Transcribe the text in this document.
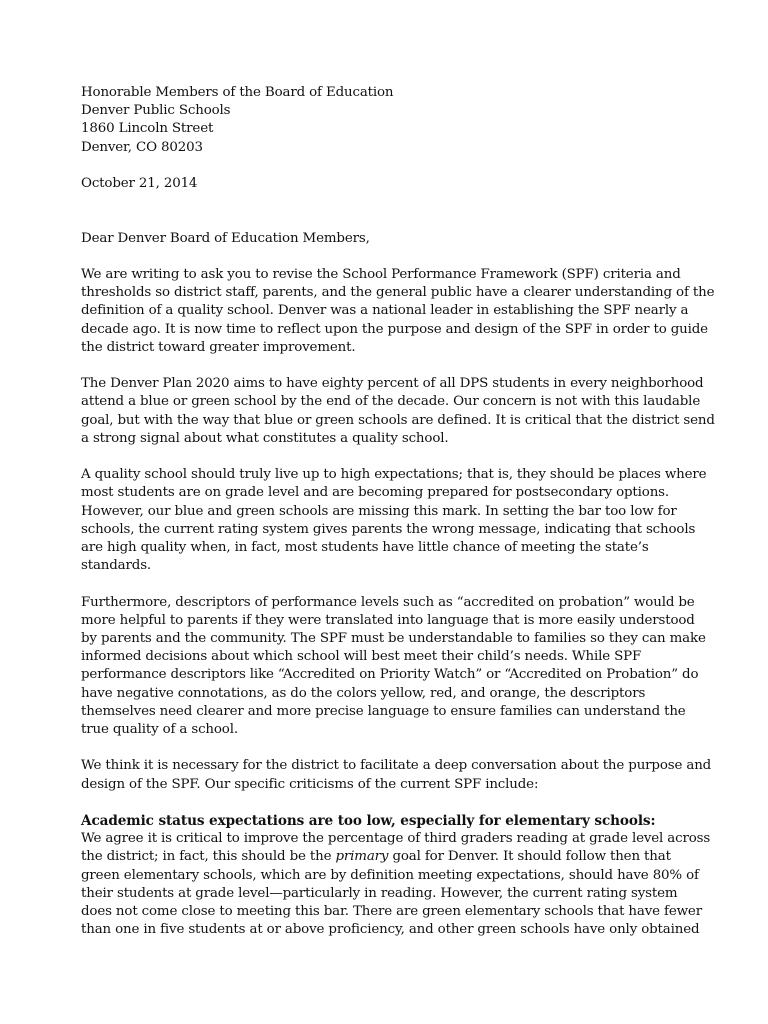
Honorable Members of the Board of Education
Denver Public Schools
1860 Lincoln Street
Denver, CO 80203
October 21, 2014
Dear Denver Board of Education Members,
We are writing to ask you to revise the School Performance Framework (SPF) criteria and
thresholds so district staff, parents, and the general public have a clearer understanding of the
definition of a quality school. Denver was a national leader in establishing the SPF nearly a
decade ago. It is now time to reflect upon the purpose and design of the SPF in order to guide
the district toward greater improvement.
The Denver Plan 2020 aims to have eighty percent of all DPS students in every neighborhood
attend a blue or green school by the end of the decade. Our concern is not with this laudable
goal, but with the way that blue or green schools are defined. It is critical that the district send
a strong signal about what constitutes a quality school.
A quality school should truly live up to high expectations; that is, they should be places where
most students are on grade level and are becoming prepared for postsecondary options.
However, our blue and green schools are missing this mark. In setting the bar too low for
schools, the current rating system gives parents the wrong message, indicating that schools
are high quality when, in fact, most students have little chance of meeting the state’s
standards.
Furthermore, descriptors of performance levels such as “accredited on probation” would be
more helpful to parents if they were translated into language that is more easily understood
by parents and the community. The SPF must be understandable to families so they can make
informed decisions about which school will best meet their child’s needs. While SPF
performance descriptors like “Accredited on Priority Watch” or “Accredited on Probation” do
have negative connotations, as do the colors yellow, red, and orange, the descriptors
themselves need clearer and more precise language to ensure families can understand the
true quality of a school.
We think it is necessary for the district to facilitate a deep conversation about the purpose and
design of the SPF. Our specific criticisms of the current SPF include:
Academic status expectations are too low, especially for elementary schools:
We agree it is critical to improve the percentage of third graders reading at grade level across
the district; in fact, this should be the primary goal for Denver. It should follow then that
green elementary schools, which are by definition meeting expectations, should have 80% of
their students at grade level—particularly in reading. However, the current rating system
does not come close to meeting this bar. There are green elementary schools that have fewer
than one in five students at or above proficiency, and other green schools have only obtained
